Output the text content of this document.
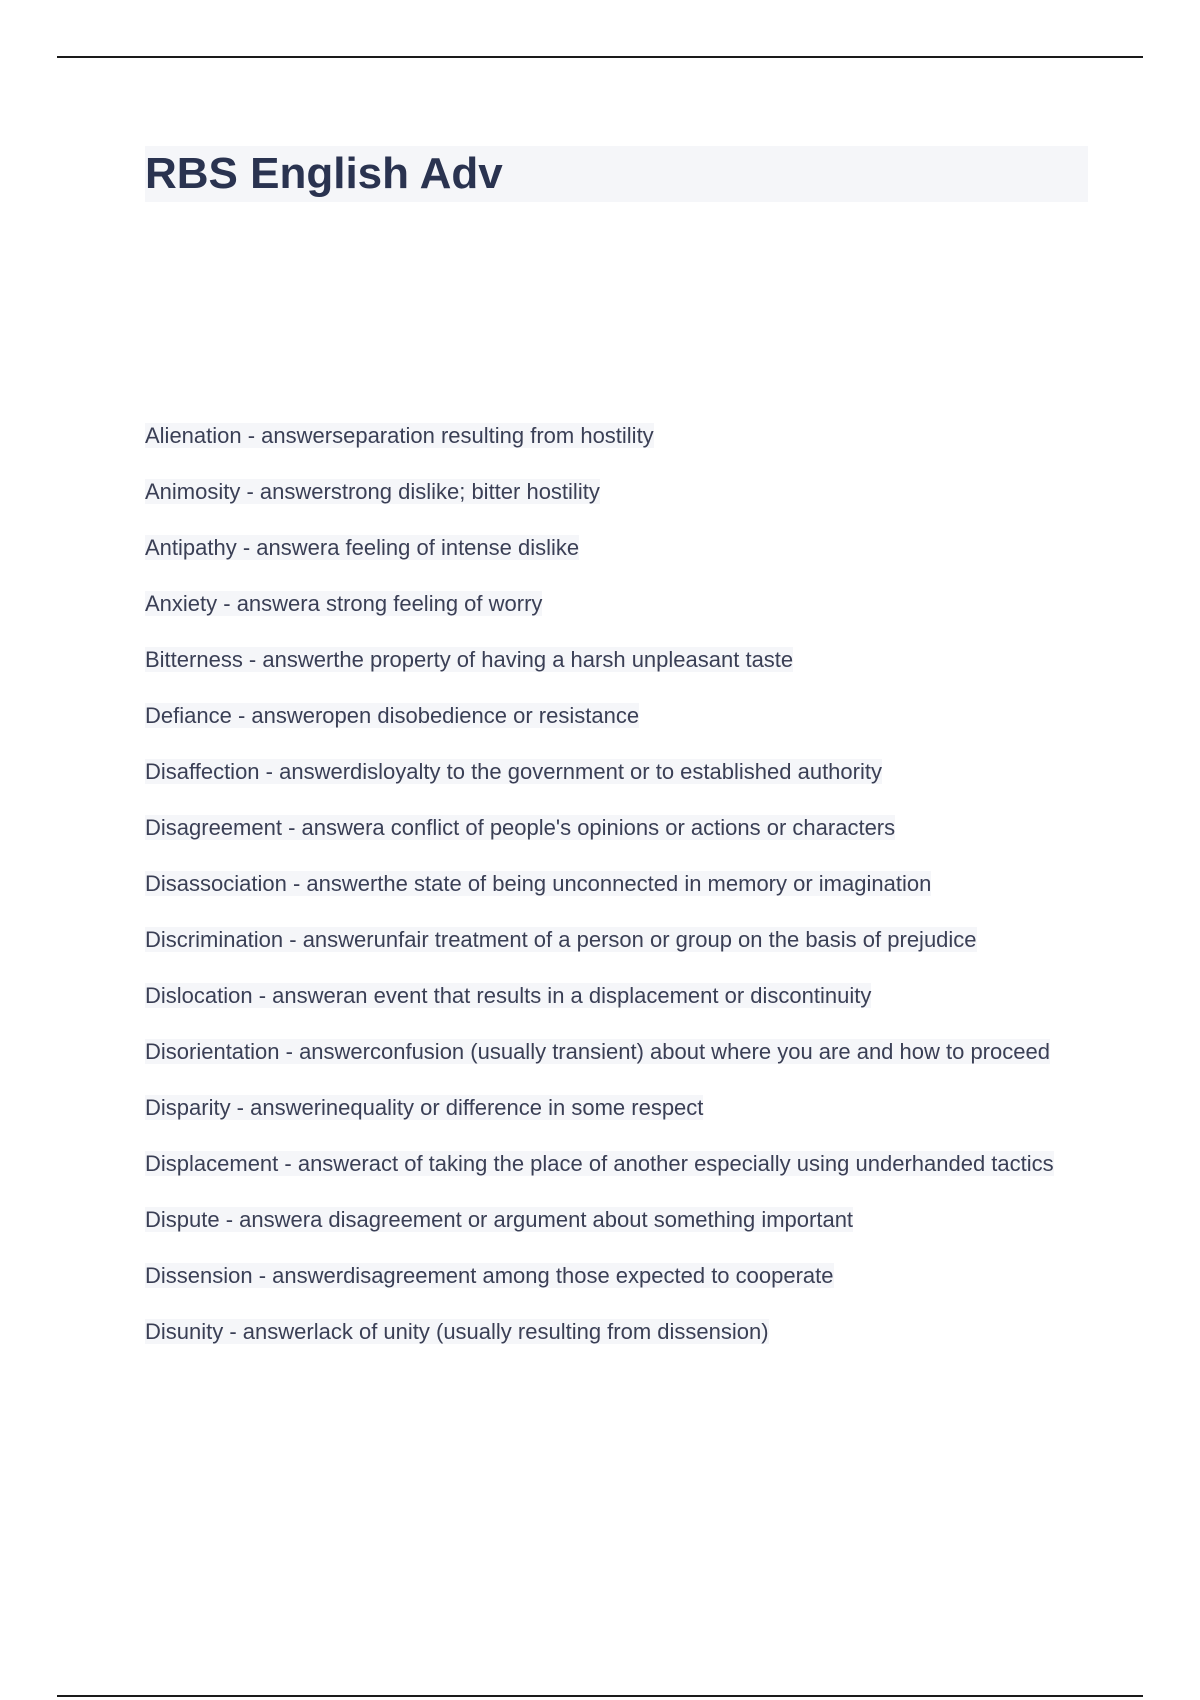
RBS English Adv
Alienation - answerseparation resulting from hostility
Animosity - answerstrong dislike; bitter hostility
Antipathy - answera feeling of intense dislike
Anxiety - answera strong feeling of worry
Bitterness - answerthe property of having a harsh unpleasant taste
Defiance - answeropen disobedience or resistance
Disaffection - answerdisloyalty to the government or to established authority
Disagreement - answera conflict of people's opinions or actions or characters
Disassociation - answerthe state of being unconnected in memory or imagination
Discrimination - answerunfair treatment of a person or group on the basis of prejudice
Dislocation - answeran event that results in a displacement or discontinuity
Disorientation - answerconfusion (usually transient) about where you are and how to proceed
Disparity - answerinequality or difference in some respect
Displacement - answeract of taking the place of another especially using underhanded tactics
Dispute - answera disagreement or argument about something important
Dissension - answerdisagreement among those expected to cooperate
Disunity - answerlack of unity (usually resulting from dissension)
